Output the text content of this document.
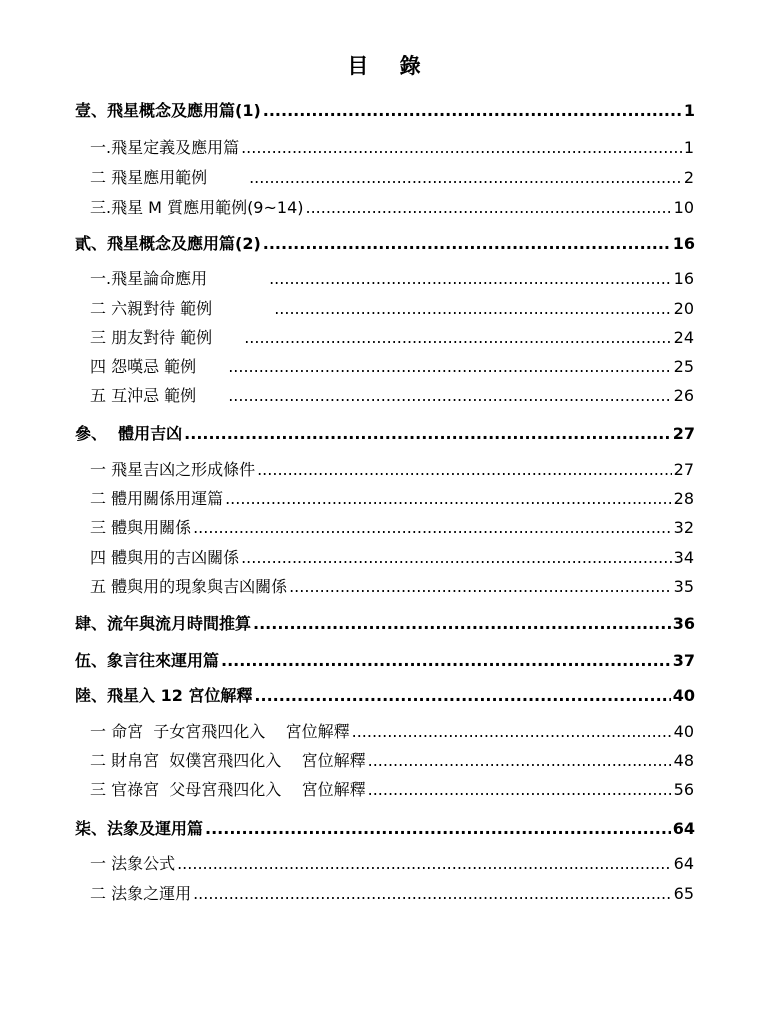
目 錄
壹、飛星概念及應用篇(1) .....	1
一.飛星定義及應用篇 .....	1
二 飛星應用範例 .....	2
三.飛星 M 質應用範例(9~14) .....	10
貳、飛星概念及應用篇(2) .....	16
一.飛星論命應用 .....	16
二 六親對待 範例 .....	20
三 朋友對待 範例 .....	24
四 怨嘆忌 範例 .....	25
五 互沖忌 範例 .....	26
參、  體用吉凶 .....	27
一 飛星吉凶之形成條件 .....	27
二 體用關係用運篇 .....	28
三 體與用關係 .....	32
四 體與用的吉凶關係 .....	34
五 體與用的現象與吉凶關係 .....	35
肆、流年與流月時間推算 .....	36
伍、象言往來運用篇 .....	37
陸、飛星入 12 宮位解釋 .....	40
一 命宮  子女宮飛四化入    宮位解釋 .....	40
二 財帛宮  奴僕宮飛四化入    宮位解釋 .....	48
三 官祿宮  父母宮飛四化入    宮位解釋 .....	56
柒、法象及運用篇 .....	64
一 法象公式 .....	64
二 法象之運用 .....	65
